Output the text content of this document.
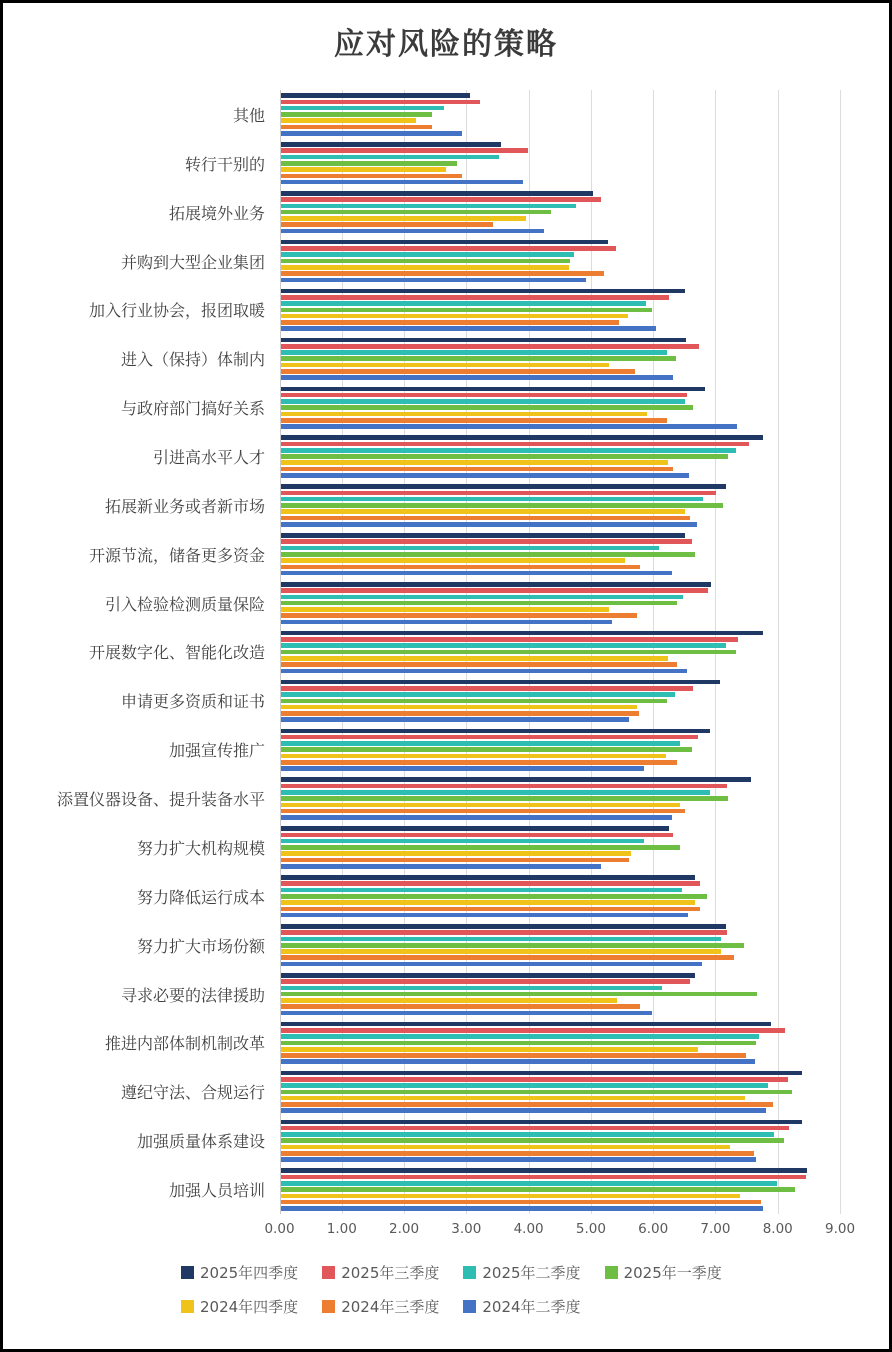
应对风险的策略
其他
转行干别的
拓展境外业务
并购到大型企业集团
加入行业协会，报团取暖
进入（保持）体制内
与政府部门搞好关系
引进高水平人才
拓展新业务或者新市场
开源节流，储备更多资金
引入检验检测质量保险
开展数字化、智能化改造
申请更多资质和证书
加强宣传推广
添置仪器设备、提升装备水平
努力扩大机构规模
努力降低运行成本
努力扩大市场份额
寻求必要的法律援助
推进内部体制机制改革
遵纪守法、合规运行
加强质量体系建设
加强人员培训
0.00	1.00	2.00	3.00	4.00	5.00	6.00	7.00	8.00	9.00
2025年四季度	2025年三季度	2025年二季度	2025年一季度
2024年四季度	2024年三季度	2024年二季度
